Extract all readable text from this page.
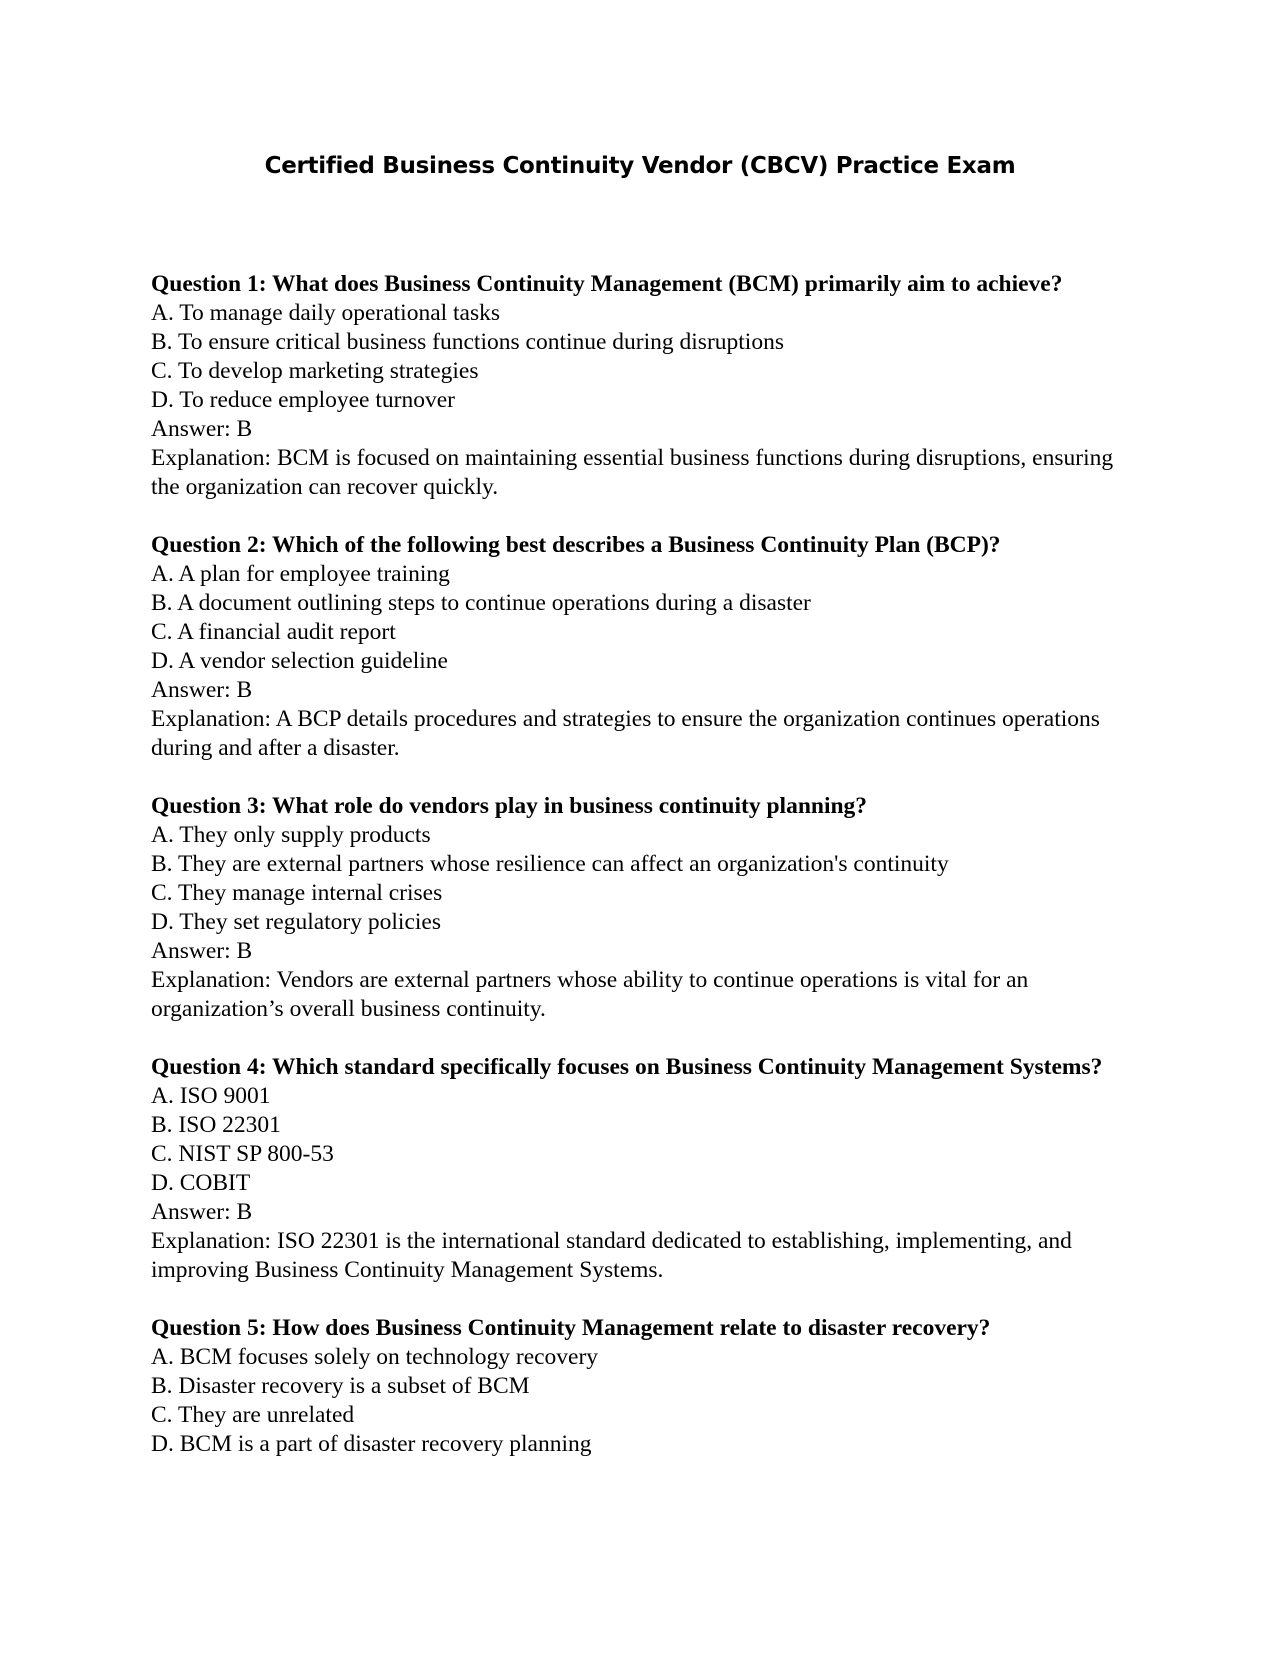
Certified Business Continuity Vendor (CBCV) Practice Exam

Question 1: What does Business Continuity Management (BCM) primarily aim to achieve?

A. To manage daily operational tasks

B. To ensure critical business functions continue during disruptions

C. To develop marketing strategies

D. To reduce employee turnover

Answer: B

Explanation: BCM is focused on maintaining essential business functions during disruptions, ensuring the organization can recover quickly.

Question 2: Which of the following best describes a Business Continuity Plan (BCP)?

A. A plan for employee training

B. A document outlining steps to continue operations during a disaster

C. A financial audit report

D. A vendor selection guideline

Answer: B

Explanation: A BCP details procedures and strategies to ensure the organization continues operations during and after a disaster.

Question 3: What role do vendors play in business continuity planning?

A. They only supply products

B. They are external partners whose resilience can affect an organization's continuity

C. They manage internal crises

D. They set regulatory policies

Answer: B

Explanation: Vendors are external partners whose ability to continue operations is vital for an organization’s overall business continuity.

Question 4: Which standard specifically focuses on Business Continuity Management Systems?

A. ISO 9001

B. ISO 22301

C. NIST SP 800-53

D. COBIT

Answer: B

Explanation: ISO 22301 is the international standard dedicated to establishing, implementing, and improving Business Continuity Management Systems.

Question 5: How does Business Continuity Management relate to disaster recovery?

A. BCM focuses solely on technology recovery

B. Disaster recovery is a subset of BCM

C. They are unrelated

D. BCM is a part of disaster recovery planning
